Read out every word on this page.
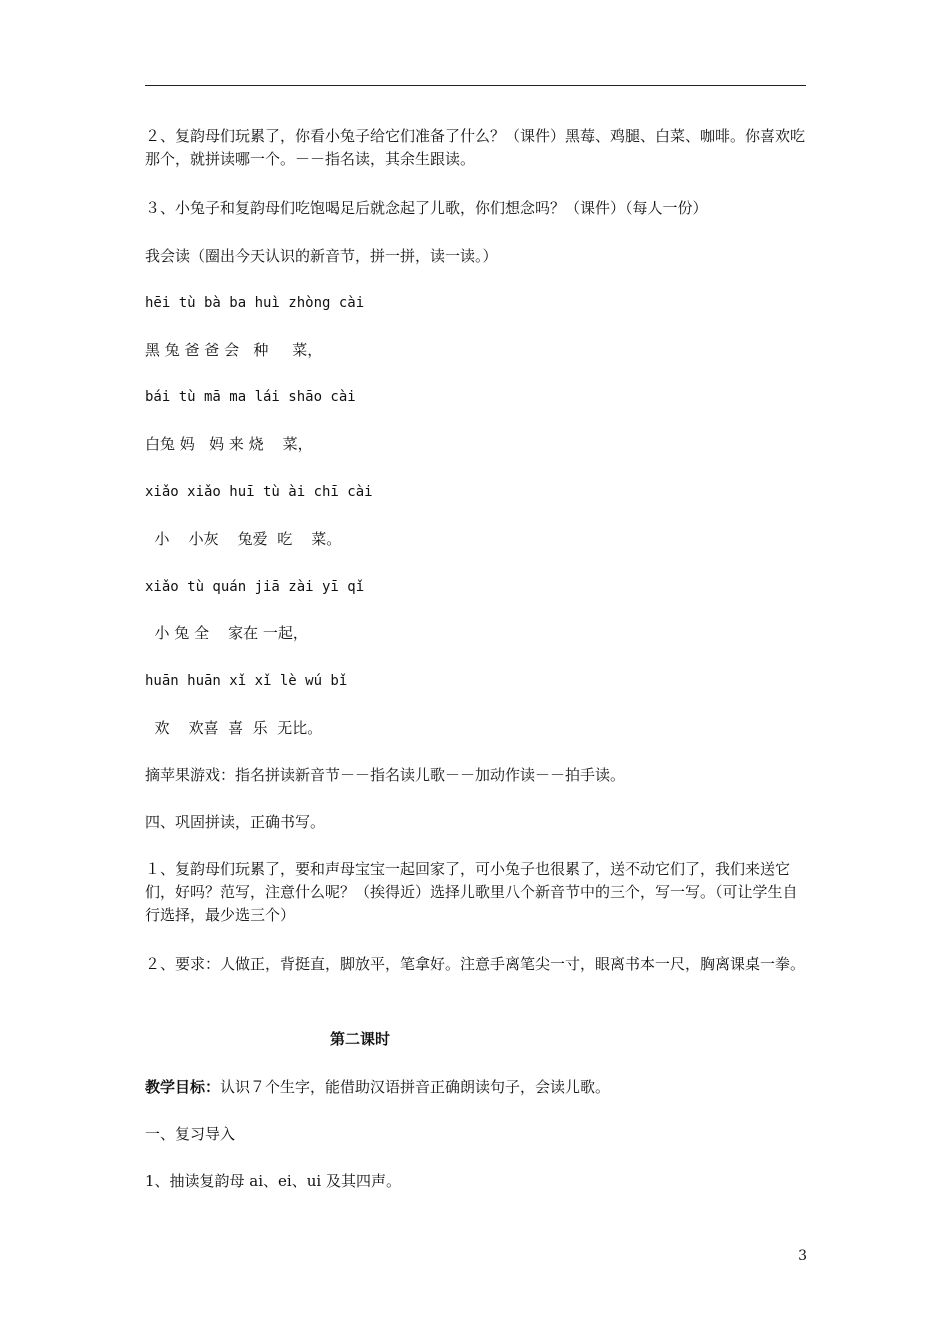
２、复韵母们玩累了，你看小兔子给它们准备了什么？（课件）黑莓、鸡腿、白菜、咖啡。你喜欢吃那个，就拼读哪一个。－－指名读，其余生跟读。
３、小兔子和复韵母们吃饱喝足后就念起了儿歌，你们想念吗？（课件）（每人一份）
我会读（圈出今天认识的新音节，拼一拼，读一读。）
hēi tù bà ba huì zhòng cài
黑 兔 爸 爸 会   种     菜，
bái tù mā ma lái shāo cài
白兔 妈   妈 来 烧    菜，
xiǎo xiǎo huī tù ài chī cài
小    小灰    兔爱  吃    菜。
xiǎo tù quán jiā zài yī qǐ
小 兔 全    家在 一起，
huān huān xǐ xǐ lè wú bǐ
欢    欢喜  喜  乐  无比。
摘苹果游戏：指名拼读新音节－－指名读儿歌－－加动作读－－拍手读。
四、巩固拼读，正确书写。
１、复韵母们玩累了，要和声母宝宝一起回家了，可小兔子也很累了，送不动它们了，我们来送它们，好吗？范写，注意什么呢？（挨得近）选择儿歌里八个新音节中的三个，写一写。（可让学生自行选择，最少选三个）
２、要求：人做正，背挺直，脚放平，笔拿好。注意手离笔尖一寸，眼离书本一尺，胸离课桌一拳。
第二课时
教学目标：认识７个生字，能借助汉语拼音正确朗读句子，会读儿歌。
一、复习导入
1、抽读复韵母 ai、ei、ui 及其四声。
3
